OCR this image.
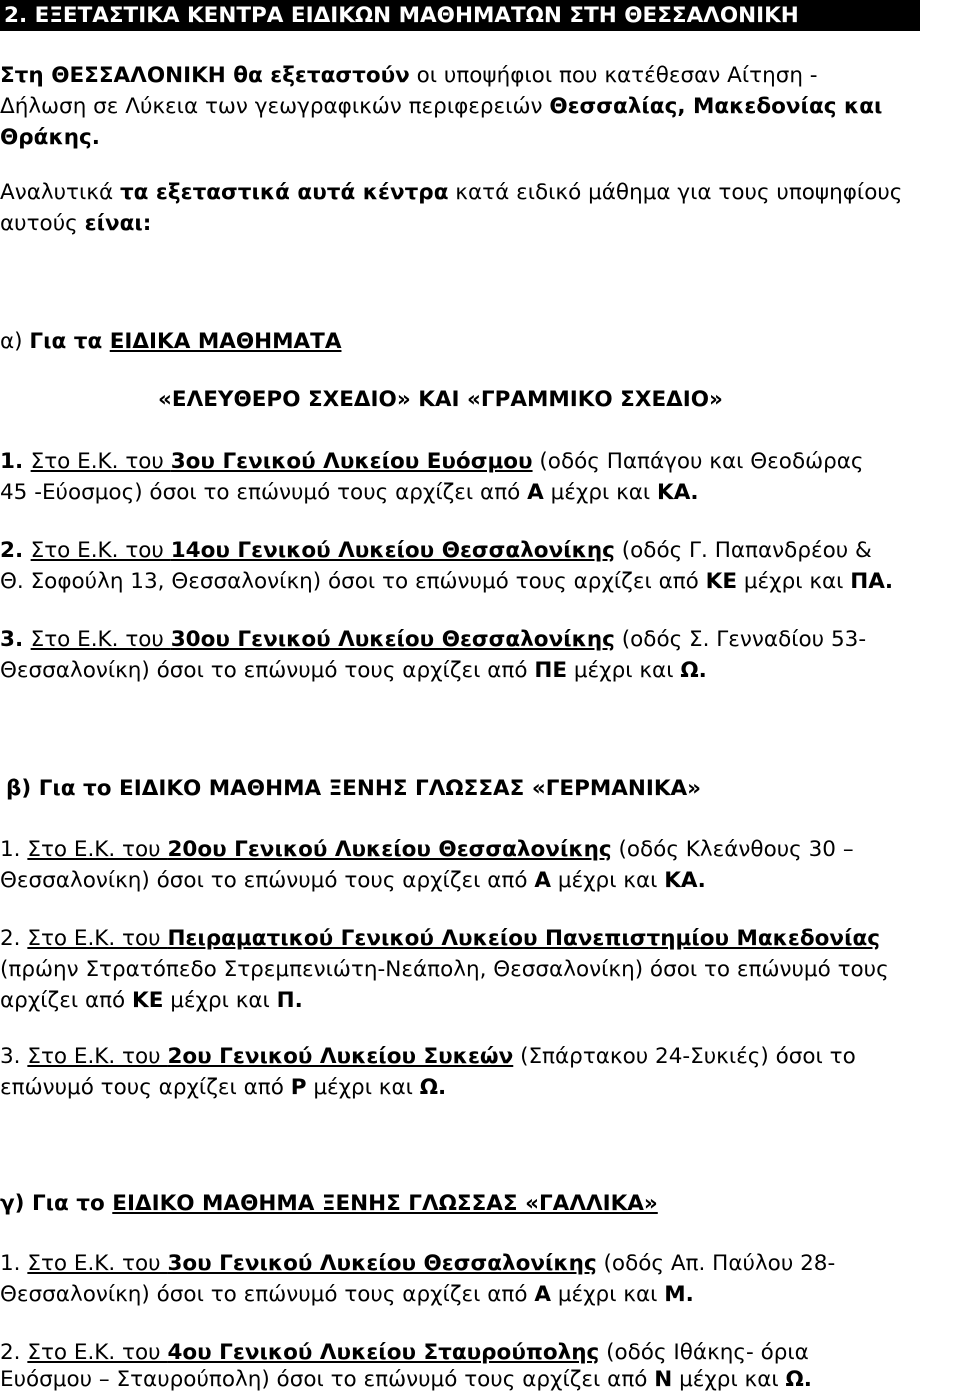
2. ΕΞΕΤΑΣΤΙΚΑ ΚΕΝΤΡΑ ΕΙΔΙΚΩΝ ΜΑΘΗΜΑΤΩΝ ΣΤΗ ΘΕΣΣΑΛΟΝΙΚΗ
Στη ΘΕΣΣΑΛΟΝΙΚΗ θα εξεταστούν οι υποψήφιοι που κατέθεσαν Αίτηση -
Δήλωση σε Λύκεια των γεωγραφικών περιφερειών Θεσσαλίας, Μακεδονίας και
Θράκης.
Αναλυτικά τα εξεταστικά αυτά κέντρα κατά ειδικό μάθημα για τους υποψηφίους
αυτούς είναι:
α) Για τα ΕΙΔΙΚΑ ΜΑΘΗΜΑΤΑ
«ΕΛΕΥΘΕΡΟ ΣΧΕΔΙΟ» ΚΑΙ «ΓΡΑΜΜΙΚΟ ΣΧΕΔΙΟ»
1. Στο Ε.Κ. του 3ου Γενικού Λυκείου Ευόσμου (οδός Παπάγου και Θεοδώρας
45 -Εύοσμος) όσοι το επώνυμό τους αρχίζει από Α μέχρι και ΚΑ.
2. Στο Ε.Κ. του 14ου Γενικού Λυκείου Θεσσαλονίκης (οδός Γ. Παπανδρέου &
Θ. Σοφούλη 13, Θεσσαλονίκη) όσοι το επώνυμό τους αρχίζει από ΚΕ μέχρι και ΠΑ.
3. Στο Ε.Κ. του 30ου Γενικού Λυκείου Θεσσαλονίκης (οδός Σ. Γενναδίου 53-
Θεσσαλονίκη) όσοι το επώνυμό τους αρχίζει από ΠΕ μέχρι και Ω.
β) Για το ΕΙΔΙΚΟ ΜΑΘΗΜΑ ΞΕΝΗΣ ΓΛΩΣΣΑΣ «ΓΕΡΜΑΝΙΚΑ»
1. Στο Ε.Κ. του 20ου Γενικού Λυκείου Θεσσαλονίκης (οδός Κλεάνθους 30 –
Θεσσαλονίκη) όσοι το επώνυμό τους αρχίζει από Α μέχρι και ΚΑ.
2. Στο Ε.Κ. του Πειραματικού Γενικού Λυκείου Πανεπιστημίου Μακεδονίας
(πρώην Στρατόπεδο Στρεμπενιώτη-Νεάπολη, Θεσσαλονίκη) όσοι το επώνυμό τους
αρχίζει από ΚΕ μέχρι και Π.
3. Στο Ε.Κ. του 2ου Γενικού Λυκείου Συκεών (Σπάρτακου 24-Συκιές) όσοι το
επώνυμό τους αρχίζει από Ρ μέχρι και Ω.
γ) Για το ΕΙΔΙΚΟ ΜΑΘΗΜΑ ΞΕΝΗΣ ΓΛΩΣΣΑΣ «ΓΑΛΛΙΚΑ»
1. Στο Ε.Κ. του 3ου Γενικού Λυκείου Θεσσαλονίκης (οδός Απ. Παύλου 28-
Θεσσαλονίκη) όσοι το επώνυμό τους αρχίζει από Α μέχρι και Μ.
2. Στο Ε.Κ. του 4ου Γενικού Λυκείου Σταυρούπολης (οδός Ιθάκης- όρια
Ευόσμου – Σταυρούπολη) όσοι το επώνυμό τους αρχίζει από Ν μέχρι και Ω.
